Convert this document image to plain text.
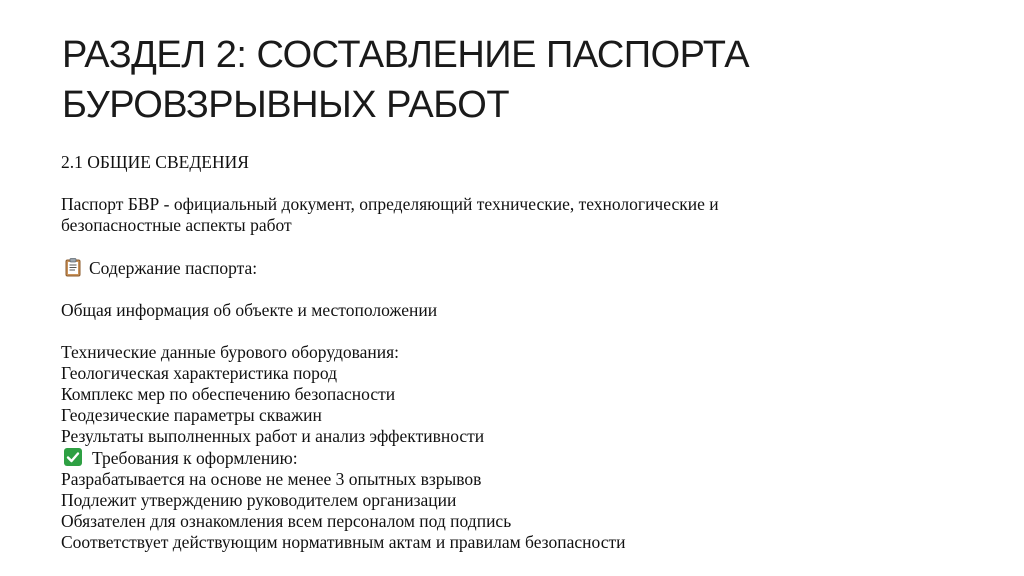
РАЗДЕЛ 2: СОСТАВЛЕНИЕ ПАСПОРТА
БУРОВЗРЫВНЫХ РАБОТ
2.1 ОБЩИЕ СВЕДЕНИЯ
Паспорт БВР - официальный документ, определяющий технические, технологические и
безопасностные аспекты работ
Содержание паспорта:
Общая информация об объекте и местоположении
Технические данные бурового оборудования:
Геологическая характеристика пород
Комплекс мер по обеспечению безопасности
Геодезические параметры скважин
Результаты выполненных работ и анализ эффективности
Требования к оформлению:
Разрабатывается на основе не менее 3 опытных взрывов
Подлежит утверждению руководителем организации
Обязателен для ознакомления всем персоналом под подпись
Соответствует действующим нормативным актам и правилам безопасности
